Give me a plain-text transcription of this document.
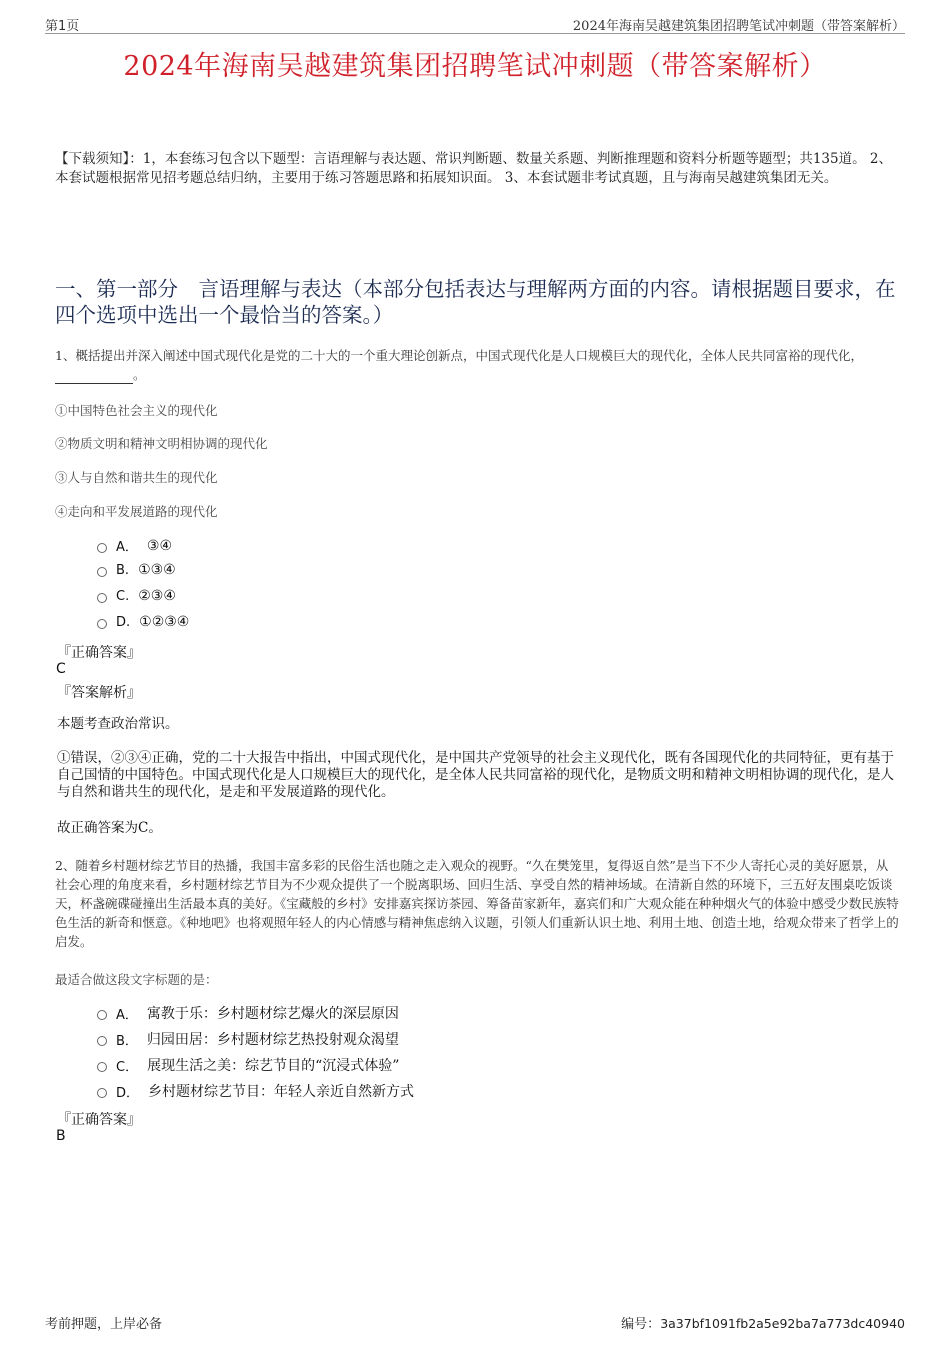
第1页	2024年海南吴越建筑集团招聘笔试冲刺题（带答案解析）
2024年海南吴越建筑集团招聘笔试冲刺题（带答案解析）
【下载须知】：1，本套练习包含以下题型：言语理解与表达题、常识判断题、数量关系题、判断推理题和资料分析题等题型；共135道。 2、本套试题根据常见招考题总结归纳，主要用于练习答题思路和拓展知识面。 3、本套试题非考试真题，且与海南吴越建筑集团无关。
一、第一部分　言语理解与表达（本部分包括表达与理解两方面的内容。请根据题目要求，在四个选项中选出一个最恰当的答案。）
1、概括提出并深入阐述中国式现代化是党的二十大的一个重大理论创新点，中国式现代化是人口规模巨大的现代化，全体人民共同富裕的现代化，。
①中国特色社会主义的现代化
②物质文明和精神文明相协调的现代化
③人与自然和谐共生的现代化
④走向和平发展道路的现代化
A． ③④
B. ①③④
C. ②③④
D. ①②③④
『正确答案』
C
『答案解析』
本题考查政治常识。
①错误，②③④正确，党的二十大报告中指出，中国式现代化，是中国共产党领导的社会主义现代化，既有各国现代化的共同特征，更有基于自己国情的中国特色。中国式现代化是人口规模巨大的现代化，是全体人民共同富裕的现代化，是物质文明和精神文明相协调的现代化，是人与自然和谐共生的现代化，是走和平发展道路的现代化。
故正确答案为C。
2、随着乡村题材综艺节目的热播，我国丰富多彩的民俗生活也随之走入观众的视野。“久在樊笼里，复得返自然”是当下不少人寄托心灵的美好愿景，从社会心理的角度来看，乡村题材综艺节目为不少观众提供了一个脱离职场、回归生活、享受自然的精神场域。在清新自然的环境下，三五好友围桌吃饭谈天，杯盏碗碟碰撞出生活最本真的美好。《宝藏般的乡村》安排嘉宾探访茶园、筹备苗家新年，嘉宾们和广大观众能在种种烟火气的体验中感受少数民族特色生活的新奇和惬意。《种地吧》也将观照年轻人的内心情感与精神焦虑纳入议题，引领人们重新认识土地、利用土地、创造土地，给观众带来了哲学上的启发。
最适合做这段文字标题的是：
A． 寓教于乐：乡村题材综艺爆火的深层原因
B． 归园田居：乡村题材综艺热投射观众渴望
C． 展现生活之美：综艺节目的“沉浸式体验”
D． 乡村题材综艺节目：年轻人亲近自然新方式
『正确答案』
B
考前押题，上岸必备	编号：3a37bf1091fb2a5e92ba7a773dc40940
